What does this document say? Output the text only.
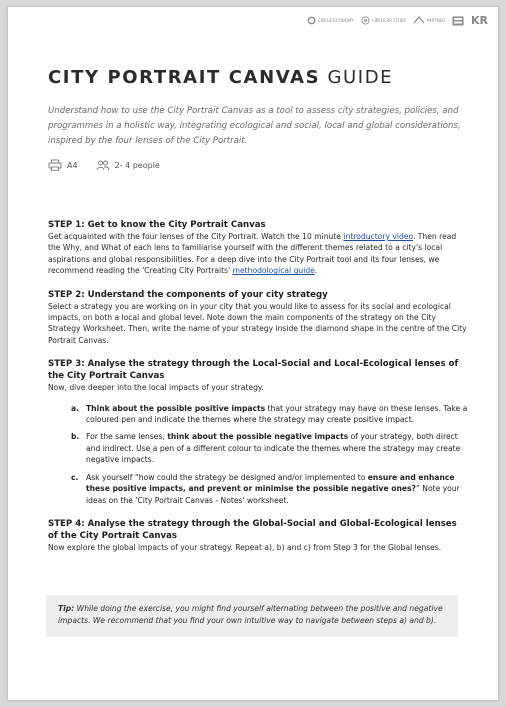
CIRCLE ECONOMY	CIRCULAR CITIES	PARTNER KR
CITY PORTRAIT CANVAS GUIDE
Understand how to use the City Portrait Canvas as a tool to assess city strategies, policies, and programmes in a holistic way, integrating ecological and social, local and global considerations, inspired by the four lenses of the City Portrait.
A4	2- 4 people

STEP 1: Get to know the City Portrait Canvas

Get acquainted with the four lenses of the City Portrait. Watch the 10 minute introductory video. Then read the Why, and What of each lens to familiarise yourself with the different themes related to a city's local aspirations and global responsibilities. For a deep dive into the City Portrait tool and its four lenses, we recommend reading the 'Creating City Portraits' methodological guide.

STEP 2: Understand the components of your city strategy

Select a strategy you are working on in your city that you would like to assess for its social and ecological impacts, on both a local and global level. Note down the main components of the strategy on the City Strategy Worksheet. Then, write the name of your strategy inside the diamond shape in the centre of the City Portrait Canvas.

STEP 3: Analyse the strategy through the Local-Social and Local-Ecological lenses of the City Portrait Canvas

Now, dive deeper into the local impacts of your strategy.

a. Think about the possible positive impacts that your strategy may have on these lenses. Take a coloured pen and indicate the themes where the strategy may create positive impact.
b. For the same lenses, think about the possible negative impacts of your strategy, both direct and indirect. Use a pen of a different colour to indicate the themes where the strategy may create negative impacts.
c.	Ask yourself “how could the strategy be designed and/or implemented to ensure and enhance these positive impacts, and prevent or minimise the possible negative ones?” Note your ideas on the 'City Portrait Canvas - Notes' worksheet.

STEP 4: Analyse the strategy through the Global-Social and Global-Ecological lenses of the City Portrait Canvas

Now explore the global impacts of your strategy. Repeat a), b) and c) from Step 3 for the Global lenses.

Tip: While doing the exercise, you might find yourself alternating between the positive and negative impacts. We recommend that you find your own intuitive way to navigate between steps a) and b).
